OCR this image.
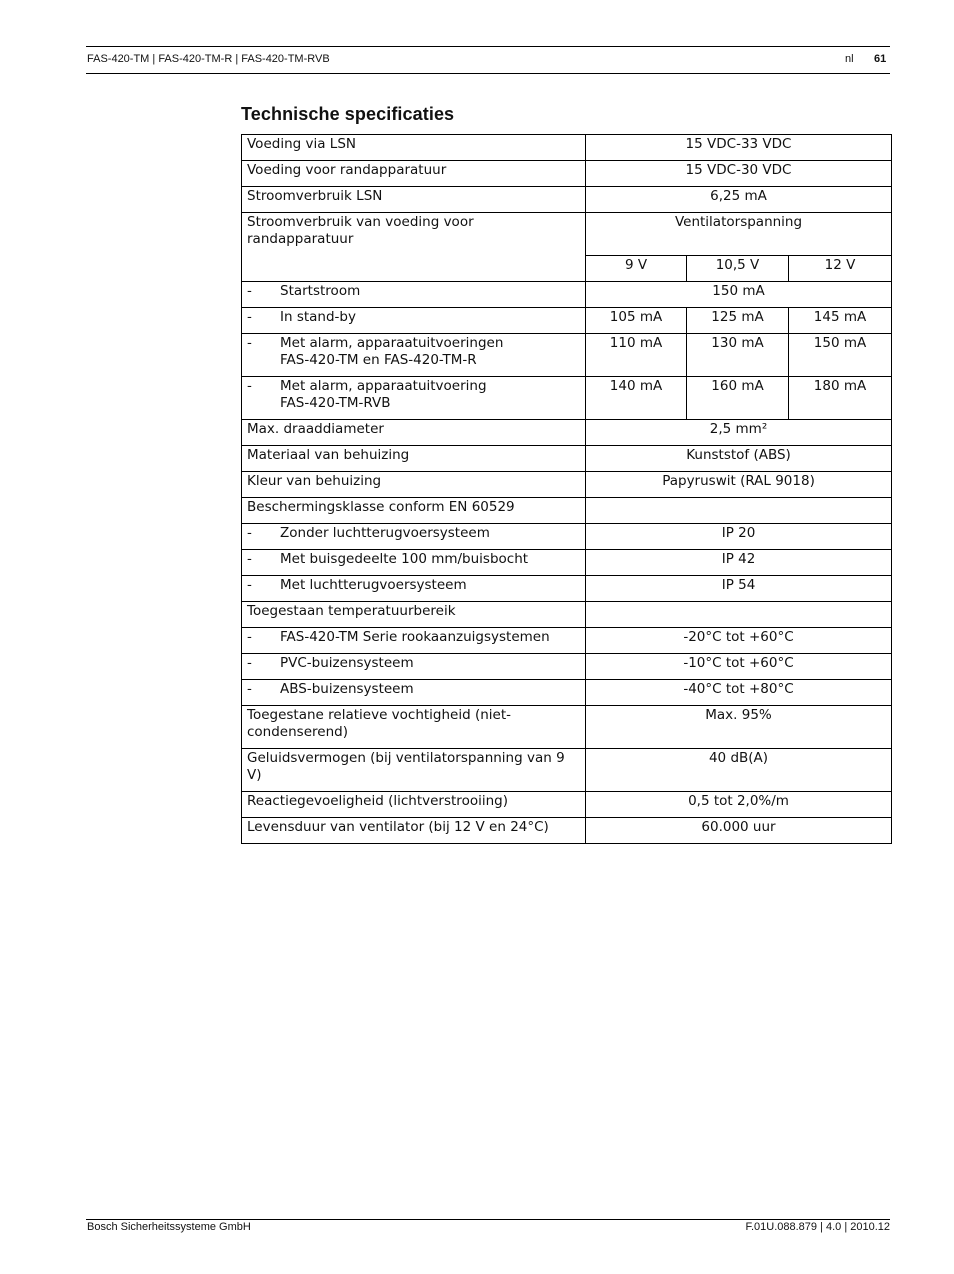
FAS-420-TM | FAS-420-TM-R | FAS-420-TM-RVB	nl 61
Technische specificaties
Voeding via LSN	15 VDC-33 VDC		
Voeding voor randapparatuur	15 VDC-30 VDC		
Stroomverbruik LSN	6,25 mA		
Stroomverbruik van voeding voor randapparatuur	Ventilatorspanning		
	9 V	10,5 V	12 V
- Startstroom	150 mA		
- In stand-by	105 mA	125 mA	145 mA
- Met alarm, apparaatuitvoeringen
FAS-420-TM en FAS-420-TM-R	110 mA	130 mA	150 mA
- Met alarm, apparaatuitvoering
FAS-420-TM-RVB	140 mA	160 mA	180 mA
Max. draaddiameter	2,5 mm²		
Materiaal van behuizing	Kunststof (ABS)		
Kleur van behuizing	Papyruswit (RAL 9018)		
Beschermingsklasse conform EN 60529			
- Zonder luchtterugvoersysteem	IP 20		
- Met buisgedeelte 100 mm/buisbocht	IP 42		
- Met luchtterugvoersysteem	IP 54		
Toegestaan temperatuurbereik			
- FAS-420-TM Serie rookaanzuigsystemen	-20°C tot +60°C		
- PVC-buizensysteem	-10°C tot +60°C		
- ABS-buizensysteem	-40°C tot +80°C		
Toegestane relatieve vochtigheid (niet-condenserend)	Max. 95%		
Geluidsvermogen (bij ventilatorspanning van 9 V)	40 dB(A)		
Reactiegevoeligheid (lichtverstrooiing)	0,5 tot 2,0%/m		
Levensduur van ventilator (bij 12 V en 24°C)	60.000 uur		
Bosch Sicherheitssysteme GmbH	F.01U.088.879 | 4.0 | 2010.12
